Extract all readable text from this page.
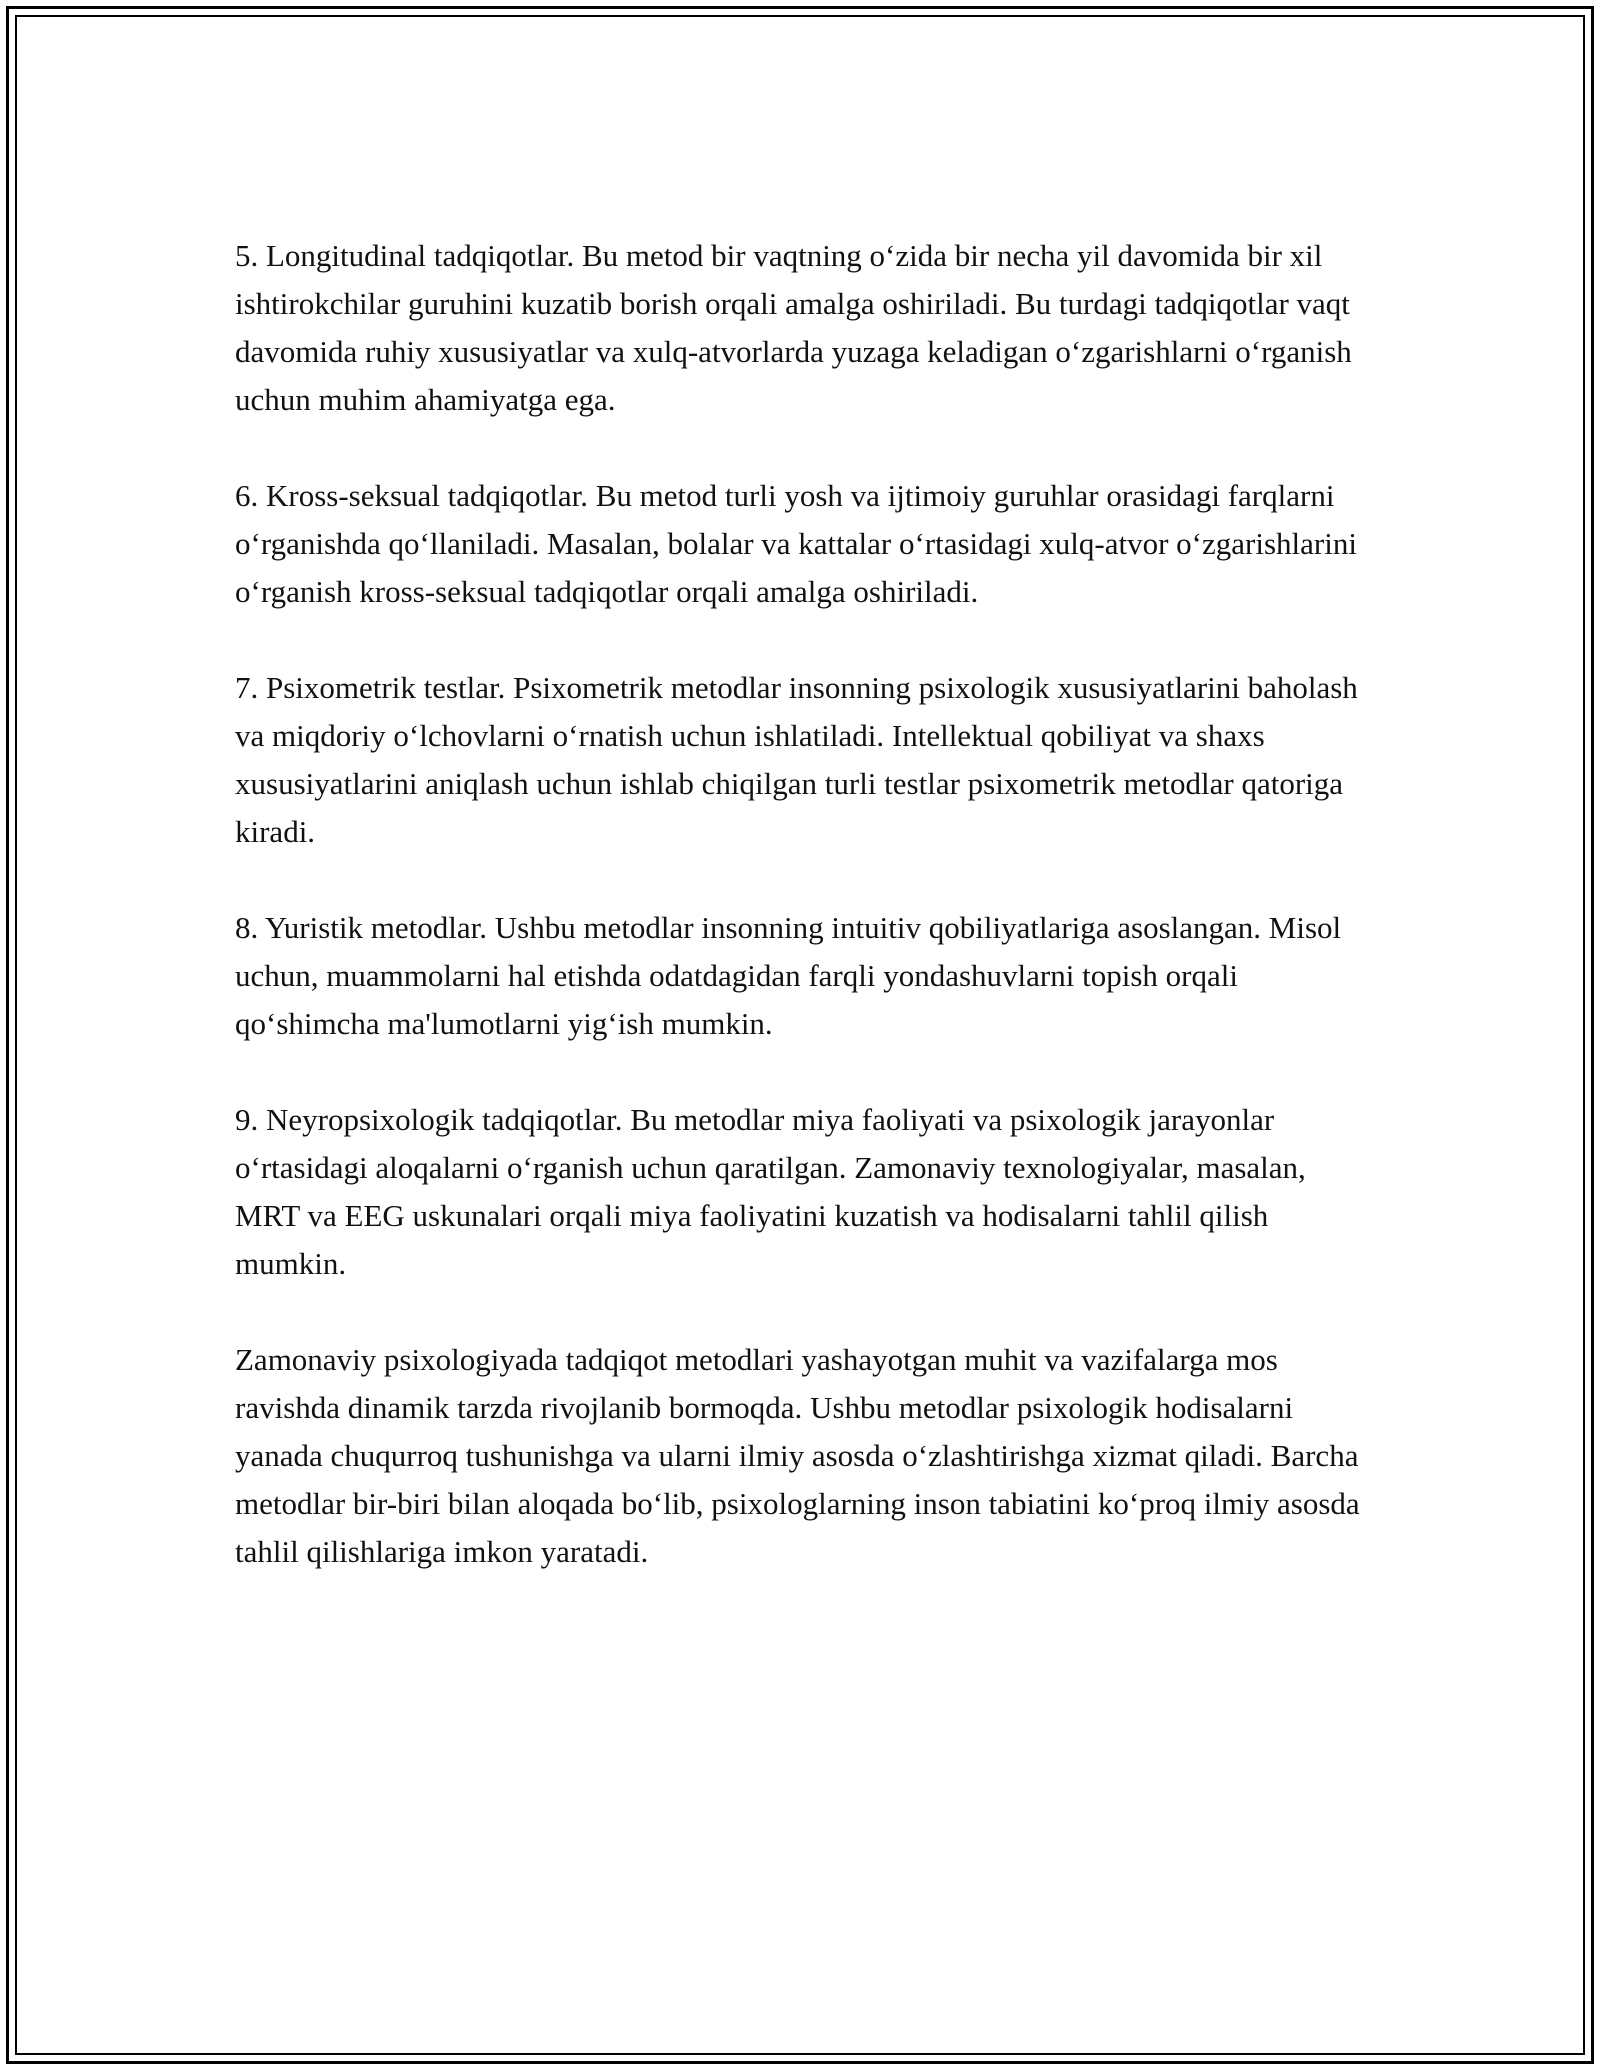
5. Longitudinal tadqiqotlar. Bu metod bir vaqtning o‘zida bir necha yil davomida bir xil ishtirokchilar guruhini kuzatib borish orqali amalga oshiriladi. Bu turdagi tadqiqotlar vaqt davomida ruhiy xususiyatlar va xulq-atvorlarda yuzaga keladigan o‘zgarishlarni o‘rganish uchun muhim ahamiyatga ega.

6. Kross-seksual tadqiqotlar. Bu metod turli yosh va ijtimoiy guruhlar orasidagi farqlarni o‘rganishda qo‘llaniladi. Masalan, bolalar va kattalar o‘rtasidagi xulq-atvor o‘zgarishlarini o‘rganish kross-seksual tadqiqotlar orqali amalga oshiriladi.

7. Psixometrik testlar. Psixometrik metodlar insonning psixologik xususiyatlarini baholash va miqdoriy o‘lchovlarni o‘rnatish uchun ishlatiladi. Intellektual qobiliyat va shaxs xususiyatlarini aniqlash uchun ishlab chiqilgan turli testlar psixometrik metodlar qatoriga kiradi.

8. Yuristik metodlar. Ushbu metodlar insonning intuitiv qobiliyatlariga asoslangan. Misol uchun, muammolarni hal etishda odatdagidan farqli yondashuvlarni topish orqali qo‘shimcha ma'lumotlarni yig‘ish mumkin.

9. Neyropsixologik tadqiqotlar. Bu metodlar miya faoliyati va psixologik jarayonlar o‘rtasidagi aloqalarni o‘rganish uchun qaratilgan. Zamonaviy texnologiyalar, masalan, MRT va EEG uskunalari orqali miya faoliyatini kuzatish va hodisalarni tahlil qilish mumkin.

Zamonaviy psixologiyada tadqiqot metodlari yashayotgan muhit va vazifalarga mos ravishda dinamik tarzda rivojlanib bormoqda. Ushbu metodlar psixologik hodisalarni yanada chuqurroq tushunishga va ularni ilmiy asosda o‘zlashtirishga xizmat qiladi. Barcha metodlar bir-biri bilan aloqada bo‘lib, psixologlarning inson tabiatini ko‘proq ilmiy asosda tahlil qilishlariga imkon yaratadi.
